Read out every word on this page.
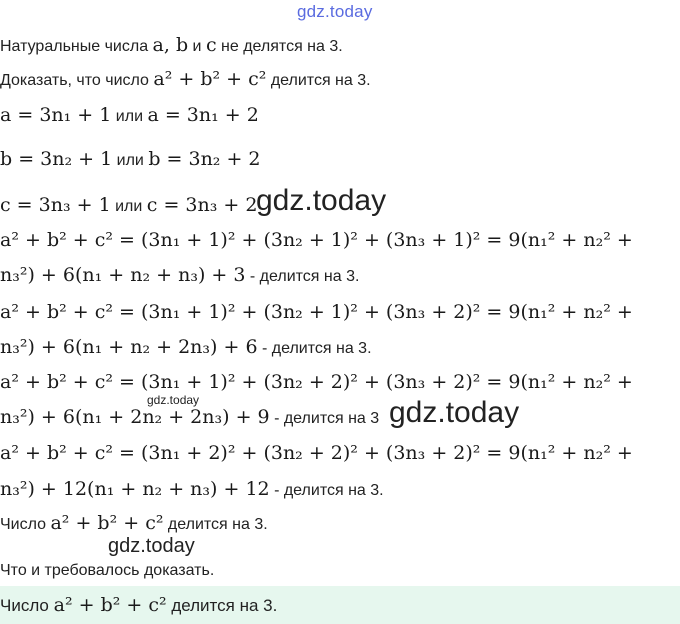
gdz.today
Натуральные числа a, b и c не делятся на 3.
Доказать, что число a² + b² + c² делится на 3.
a = 3n₁ + 1 или a = 3n₁ + 2
b = 3n₂ + 1 или b = 3n₂ + 2
c = 3n₃ + 1 или c = 3n₃ + 2
gdz.today
a² + b² + c² = (3n₁ + 1)² + (3n₂ + 1)² + (3n₃ + 1)² = 9(n₁² + n₂² +
n₃²) + 6(n₁ + n₂ + n₃) + 3 - делится на 3.
a² + b² + c² = (3n₁ + 1)² + (3n₂ + 1)² + (3n₃ + 2)² = 9(n₁² + n₂² +
n₃²) + 6(n₁ + n₂ + 2n₃) + 6 - делится на 3.
a² + b² + c² = (3n₁ + 1)² + (3n₂ + 2)² + (3n₃ + 2)² = 9(n₁² + n₂² +
gdz.today
n₃²) + 6(n₁ + 2n₂ + 2n₃) + 9 - делится на 3 gdz.today
a² + b² + c² = (3n₁ + 2)² + (3n₂ + 2)² + (3n₃ + 2)² = 9(n₁² + n₂² +
n₃²) + 12(n₁ + n₂ + n₃) + 12 - делится на 3.
Число a² + b² + c² делится на 3.
gdz.today
Что и требовалось доказать.
Число a² + b² + c² делится на 3.
